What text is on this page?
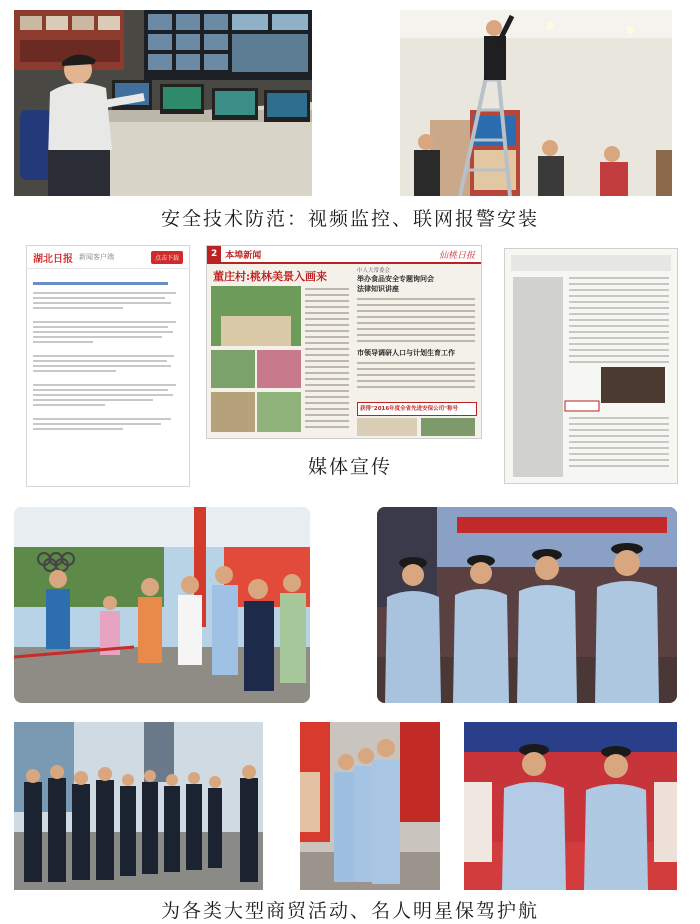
安全技术防范：视频监控、联网报警安装
湖北日报 新闻客户端	点击下载
	2 本埠新闻	仙桃日报
董庄村:桃林美景入画来	中人大常委会
举办食品安全专题询问会
法律知识讲座
市领导调研人口与计划生育工作
获得"2016年度全省先进安保公司"称号
媒体宣传
为各类大型商贸活动、名人明星保驾护航
